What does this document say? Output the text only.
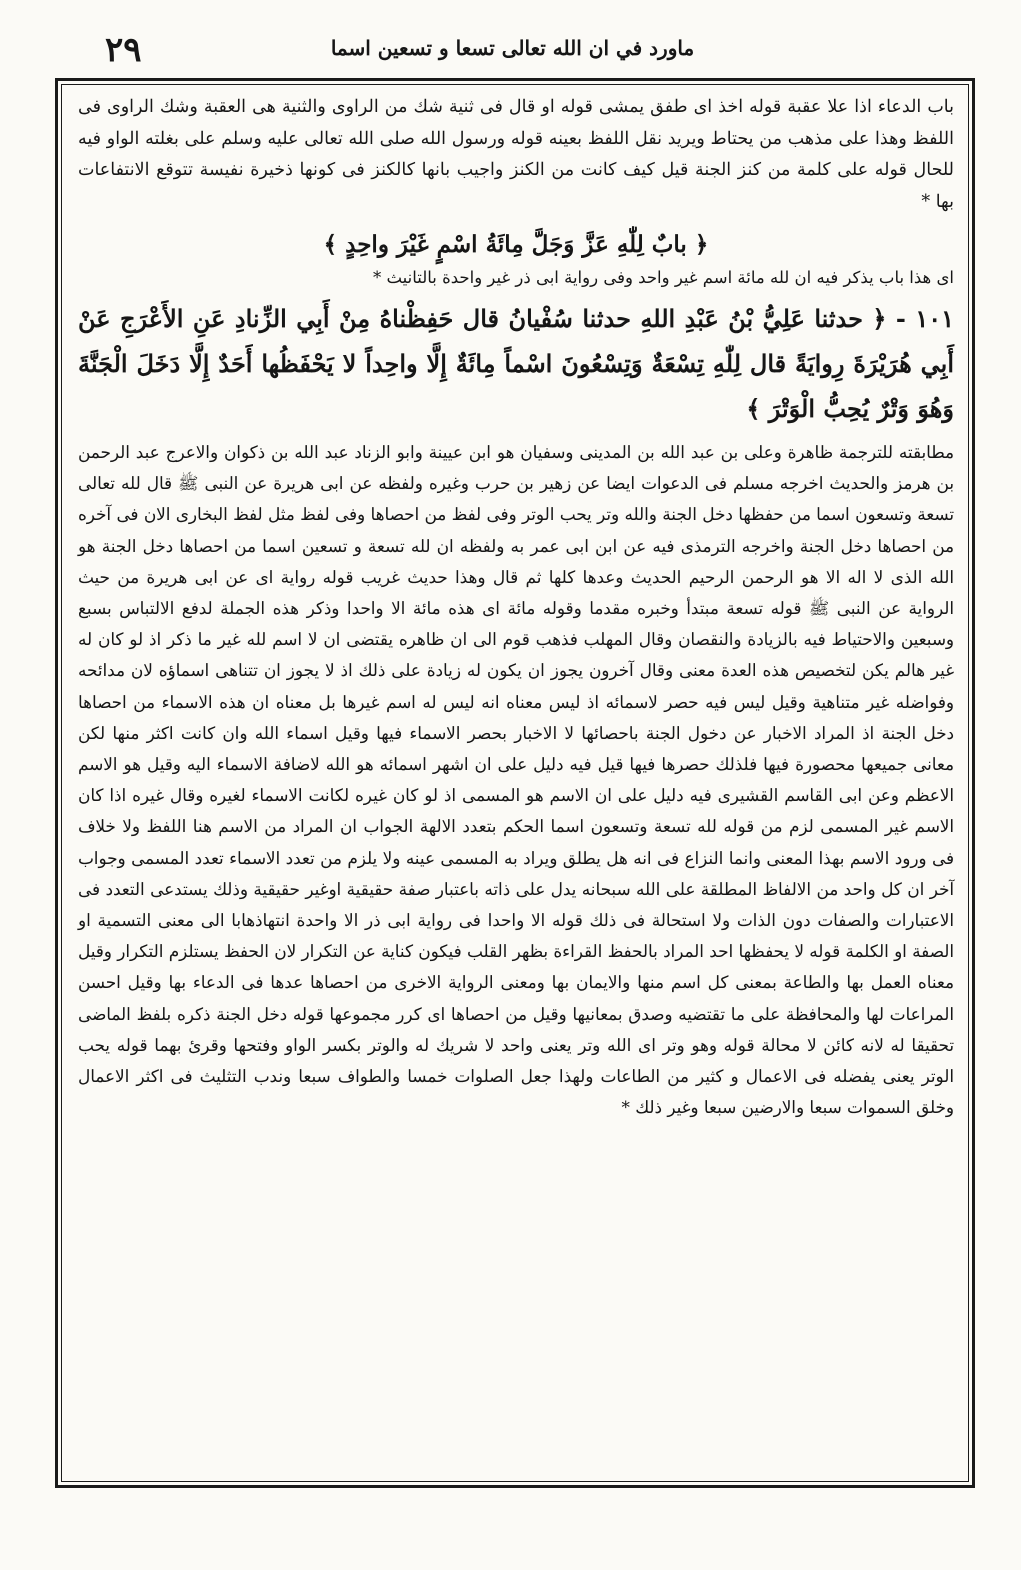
٢٩	ماورد في ان الله تعالى تسعا و تسعين اسما

باب الدعاء اذا علا عقبة قوله اخذ اى طفق يمشى قوله او قال فى ثنية شك من الراوى والثنية هى العقبة وشك الراوى فى اللفظ وهذا على مذهب من يحتاط ويريد نقل اللفظ بعينه قوله ورسول الله صلى الله تعالى عليه وسلم على بغلته الواو فيه للحال قوله على كلمة من كنز الجنة قيل كيف كانت من الكنز واجيب بانها كالكنز فى كونها ذخيرة نفيسة تتوقع الانتفاعات بها *

﴿ بابٌ لِلّٰهِ عَزَّ وَجَلَّ مِائَةُ اسْمٍ غَيْرَ واحِدٍ ﴾
اى هذا باب يذكر فيه ان لله مائة اسم غير واحد وفى رواية ابى ذر غير واحدة بالتانيث *

١٠١ - ﴿ حدثنا عَلِيُّ بْنُ عَبْدِ اللهِ حدثنا سُفْيانُ قال حَفِظْناهُ مِنْ أَبِي الزِّنادِ عَنِ الأَعْرَجِ عَنْ أَبِي هُرَيْرَةَ رِوايَةً قال لِلّٰهِ تِسْعَةٌ وَتِسْعُونَ اسْماً مِائَةٌ إِلَّا واحِداً لا يَحْفَظُها أَحَدٌ إِلَّا دَخَلَ الْجَنَّةَ وَهُوَ وَتْرٌ يُحِبُّ الْوَتْرَ ﴾

مطابقته للترجمة ظاهرة وعلى بن عبد الله بن المدينى وسفيان هو ابن عيينة وابو الزناد عبد الله بن ذكوان والاعرج عبد الرحمن بن هرمز والحديث اخرجه مسلم فى الدعوات ايضا عن زهير بن حرب وغيره ولفظه عن ابى هريرة عن النبى ﷺ قال لله تعالى تسعة وتسعون اسما من حفظها دخل الجنة والله وتر يحب الوتر وفى لفظ من احصاها وفى لفظ مثل لفظ البخارى الان فى آخره من احصاها دخل الجنة واخرجه الترمذى فيه عن ابن ابى عمر به ولفظه ان لله تسعة و تسعين اسما من احصاها دخل الجنة هو الله الذى لا اله الا هو الرحمن الرحيم الحديث وعدها كلها ثم قال وهذا حديث غريب قوله رواية اى عن ابى هريرة من حيث الرواية عن النبى ﷺ قوله تسعة مبتدأ وخبره مقدما وقوله مائة اى هذه مائة الا واحدا وذكر هذه الجملة لدفع الالتباس بسبع وسبعين والاحتياط فيه بالزيادة والنقصان وقال المهلب فذهب قوم الى ان ظاهره يقتضى ان لا اسم لله غير ما ذكر اذ لو كان له غير هالم يكن لتخصيص هذه العدة معنى وقال آخرون يجوز ان يكون له زيادة على ذلك اذ لا يجوز ان تتناهى اسماؤه لان مدائحه وفواضله غير متناهية وقيل ليس فيه حصر لاسمائه اذ ليس معناه انه ليس له اسم غيرها بل معناه ان هذه الاسماء من احصاها دخل الجنة اذ المراد الاخبار عن دخول الجنة باحصائها لا الاخبار بحصر الاسماء فيها وقيل اسماء الله وان كانت اكثر منها لكن معانى جميعها محصورة فيها فلذلك حصرها فيها قيل فيه دليل على ان اشهر اسمائه هو الله لاضافة الاسماء اليه وقيل هو الاسم الاعظم وعن ابى القاسم القشيرى فيه دليل على ان الاسم هو المسمى اذ لو كان غيره لكانت الاسماء لغيره وقال غيره اذا كان الاسم غير المسمى لزم من قوله لله تسعة وتسعون اسما الحكم بتعدد الالهة الجواب ان المراد من الاسم هنا اللفظ ولا خلاف فى ورود الاسم بهذا المعنى وانما النزاع فى انه هل يطلق ويراد به المسمى عينه ولا يلزم من تعدد الاسماء تعدد المسمى وجواب آخر ان كل واحد من الالفاظ المطلقة على الله سبحانه يدل على ذاته باعتبار صفة حقيقية اوغير حقيقية وذلك يستدعى التعدد فى الاعتبارات والصفات دون الذات ولا استحالة فى ذلك قوله الا واحدا فى رواية ابى ذر الا واحدة انتهاذهابا الى معنى التسمية او الصفة او الكلمة قوله لا يحفظها احد المراد بالحفظ القراءة بظهر القلب فيكون كناية عن التكرار لان الحفظ يستلزم التكرار وقيل معناه العمل بها والطاعة بمعنى كل اسم منها والايمان بها ومعنى الرواية الاخرى من احصاها عدها فى الدعاء بها وقيل احسن المراعات لها والمحافظة على ما تقتضيه وصدق بمعانيها وقيل من احصاها اى كرر مجموعها قوله دخل الجنة ذكره بلفظ الماضى تحقيقا له لانه كائن لا محالة قوله وهو وتر اى الله وتر يعنى واحد لا شريك له والوتر بكسر الواو وفتحها وقرئ بهما قوله يحب الوتر يعنى يفضله فى الاعمال و كثير من الطاعات ولهذا جعل الصلوات خمسا والطواف سبعا وندب التثليث فى اكثر الاعمال وخلق السموات سبعا والارضين سبعا وغير ذلك *
